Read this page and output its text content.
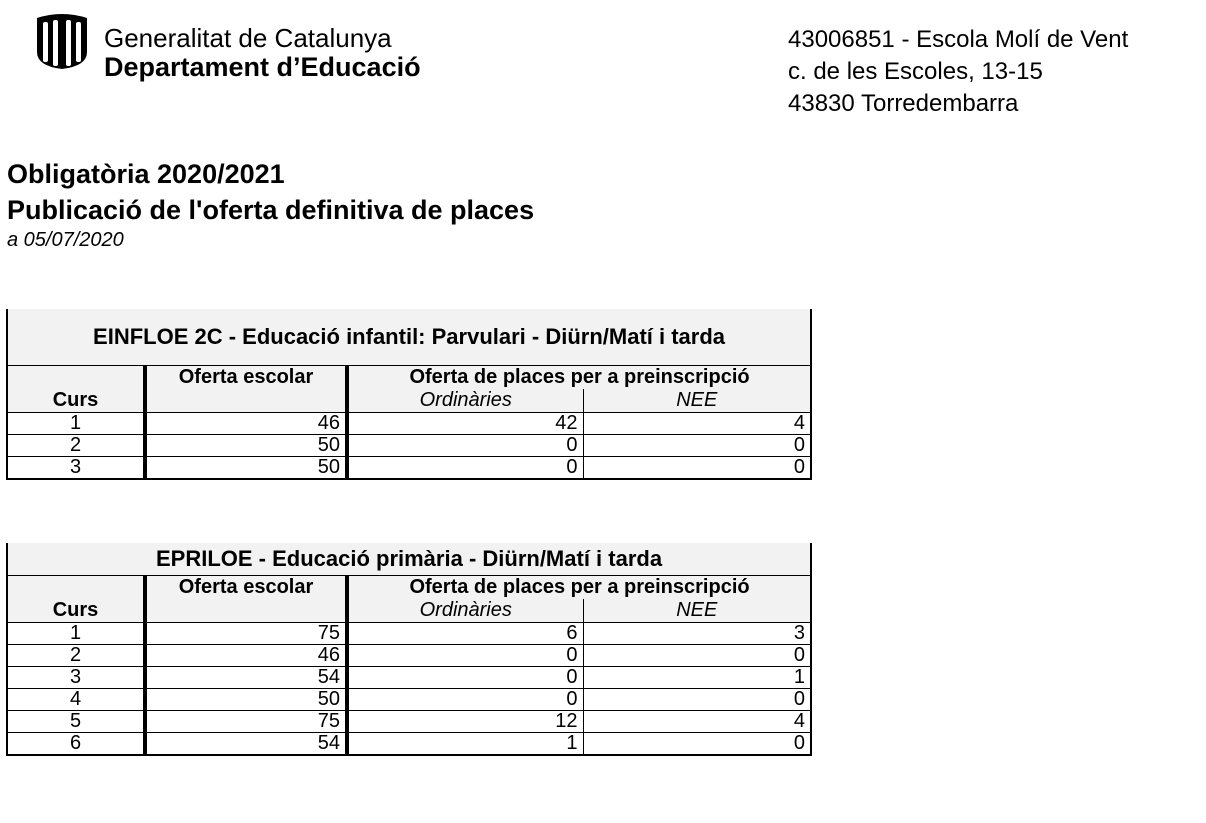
Generalitat de Catalunya
Departament d’Educació
43006851 - Escola Molí de Vent
c. de les Escoles, 13-15
43830 Torredembarra
Obligatòria 2020/2021
Publicació de l'oferta definitiva de places
a 05/07/2020
EINFLOE 2C - Educació infantil: Parvulari - Diürn/Matí i tarda			
Curs	Oferta escolar	Oferta de places per a preinscripció	
		Ordinàries	NEE
1	46	42	4
2	50	0	0
3	50	0	0
EPRILOE - Educació primària - Diürn/Matí i tarda			
Curs	Oferta escolar	Oferta de places per a preinscripció	
		Ordinàries	NEE
1	75	6	3
2	46	0	0
3	54	0	1
4	50	0	0
5	75	12	4
6	54	1	0
